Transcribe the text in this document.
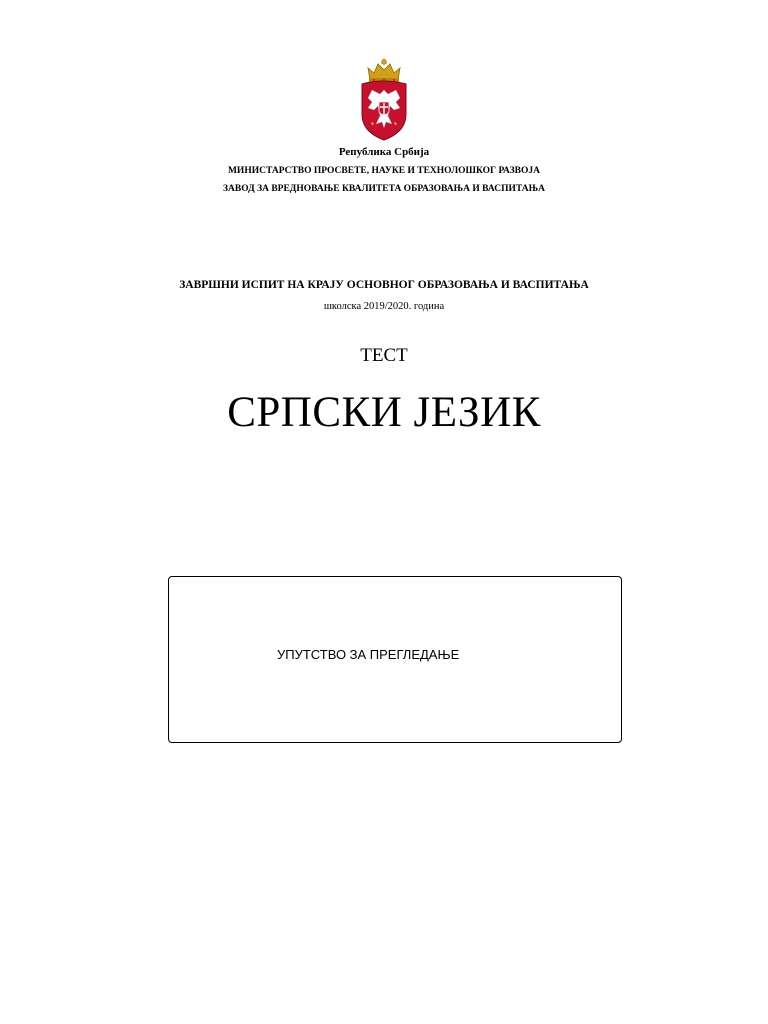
Република Србија
МИНИСТАРСТВО ПРОСВЕТЕ, НАУКЕ И ТЕХНОЛОШКОГ РАЗВОЈА
ЗАВОД ЗА ВРЕДНОВАЊЕ КВАЛИТЕТА ОБРАЗОВАЊА И ВАСПИТАЊА
ЗАВРШНИ ИСПИТ НА КРАЈУ ОСНОВНОГ ОБРАЗОВАЊА И ВАСПИТАЊА
школска 2019/2020. година
ТЕСТ
СРПСКИ ЈЕЗИК
УПУТСТВО ЗА ПРЕГЛЕДАЊЕ
